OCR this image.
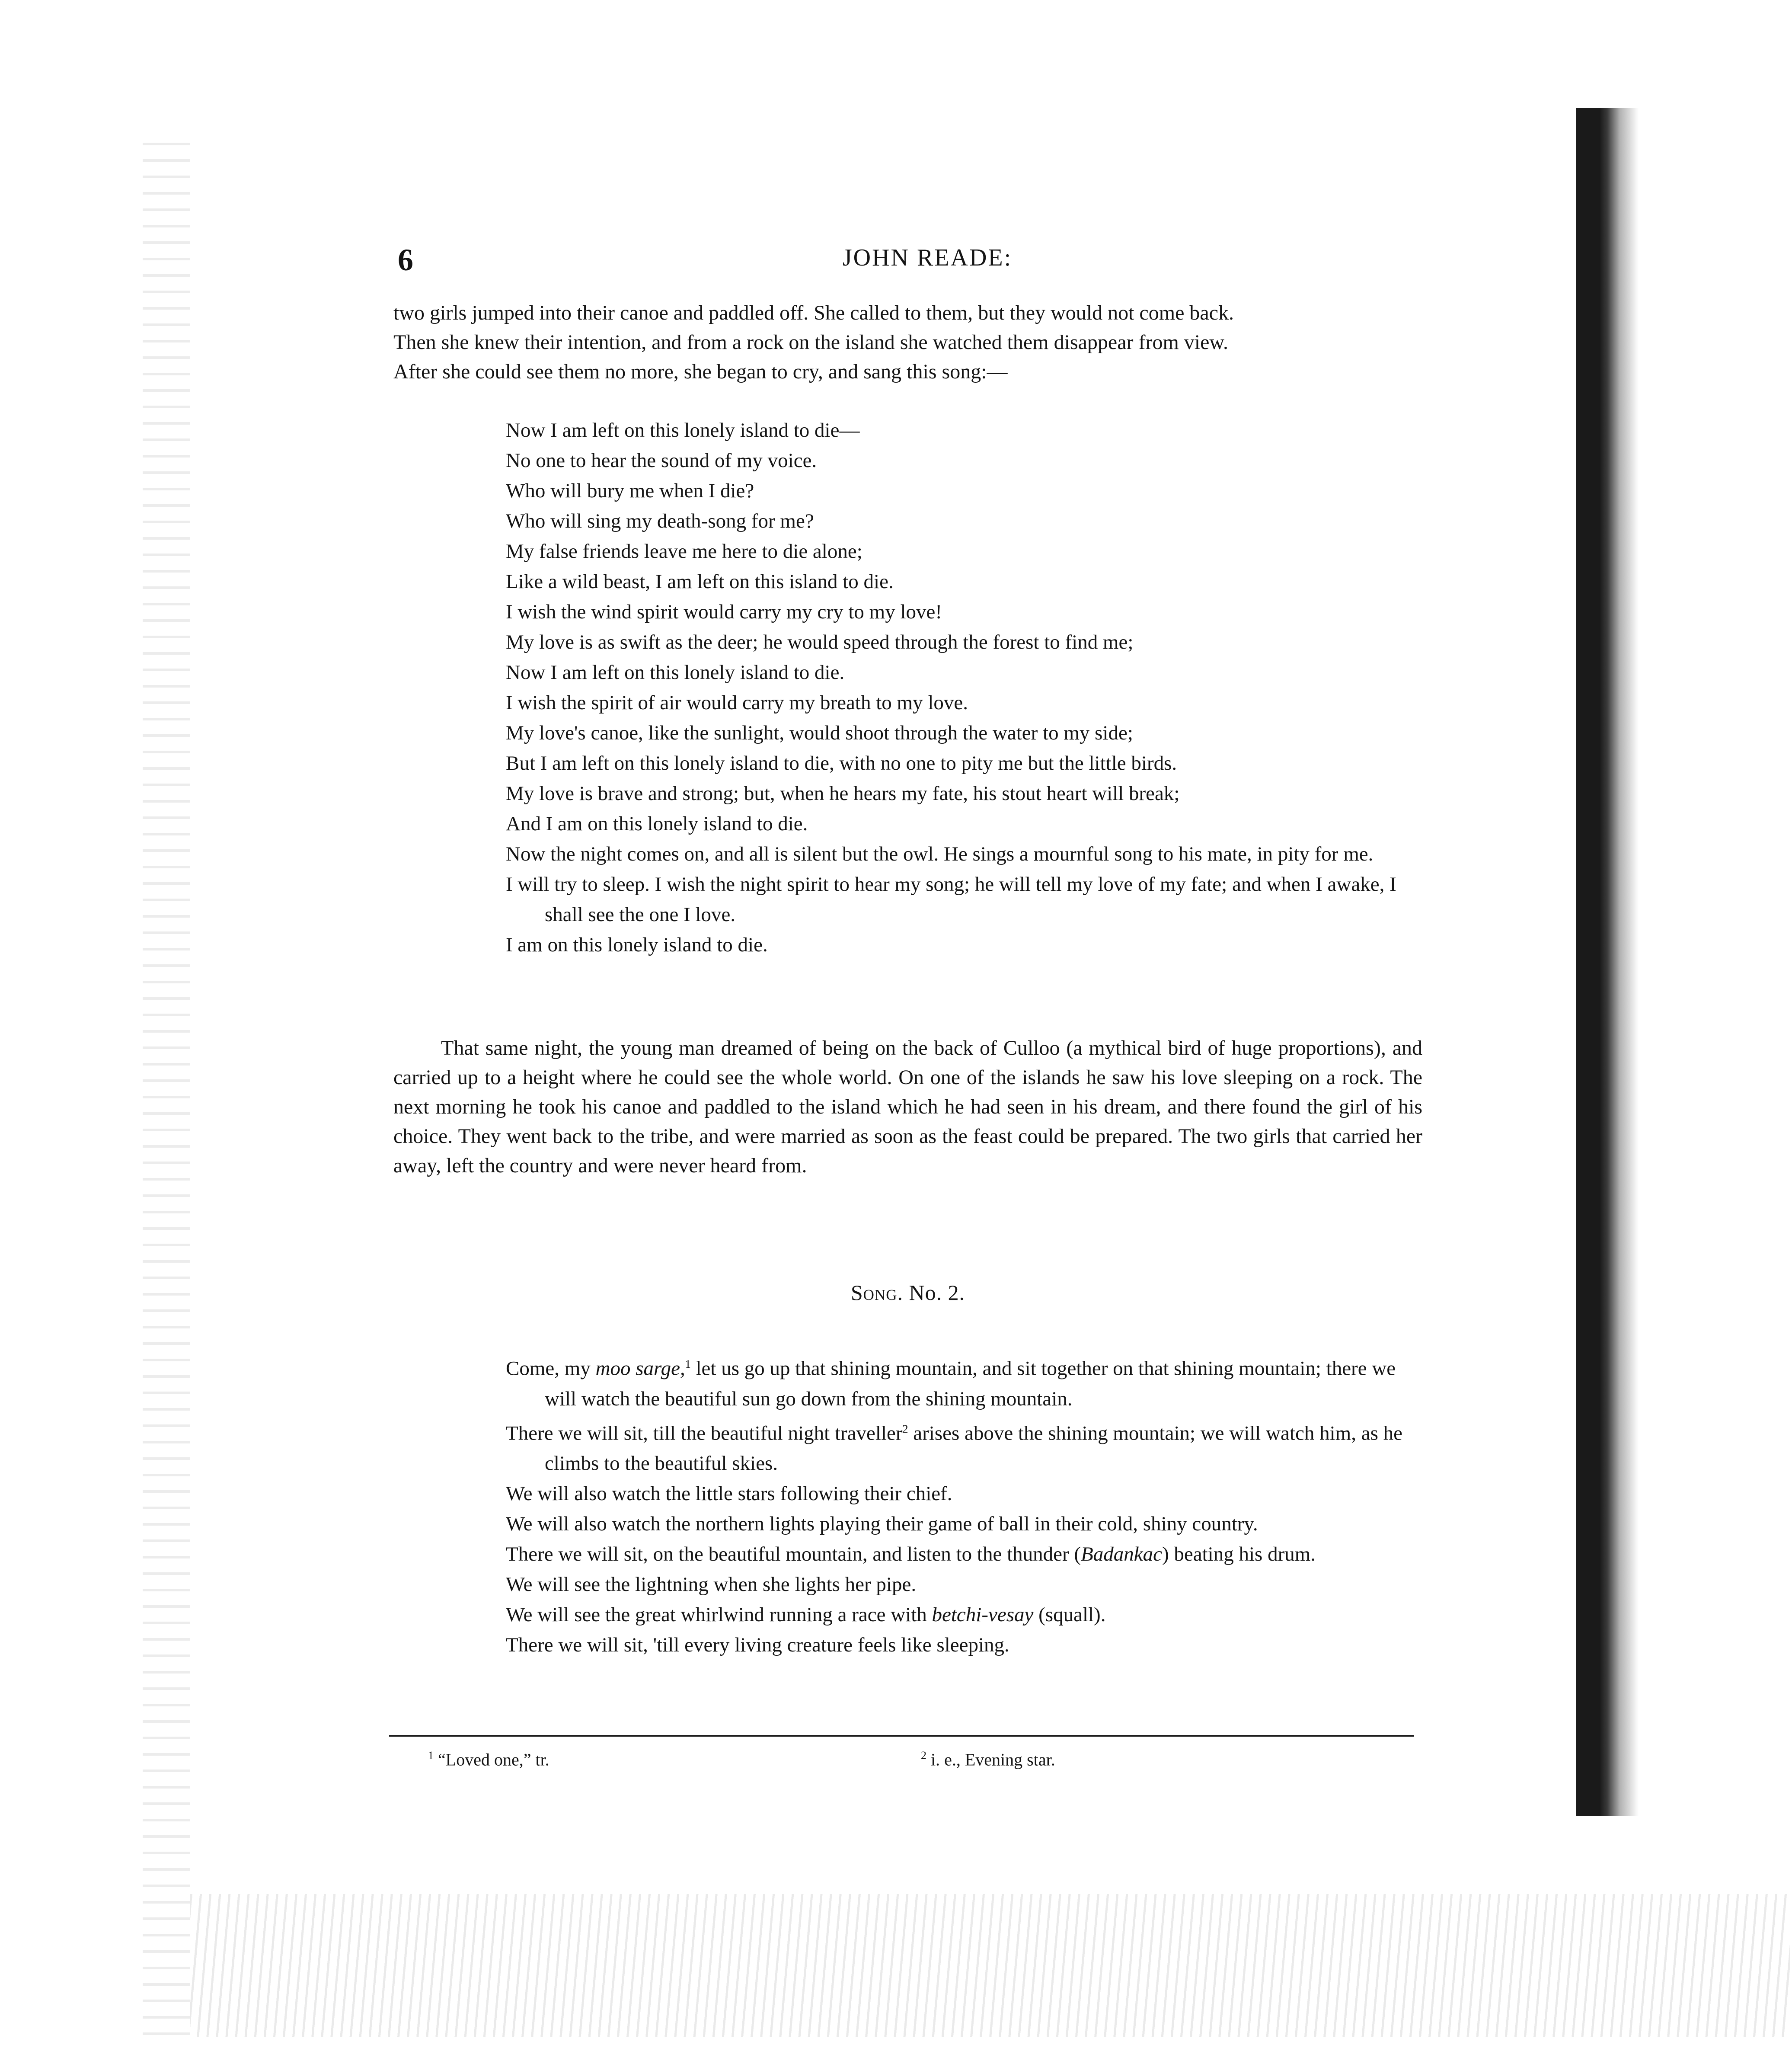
6	JOHN READE:
two girls jumped into their canoe and paddled off. She called to them, but they would not come back.
Then she knew their intention, and from a rock on the island she watched them disappear from view.
After she could see them no more, she began to cry, and sang this song:—
Now I am left on this lonely island to die—
No one to hear the sound of my voice.
Who will bury me when I die?
Who will sing my death-song for me?
My false friends leave me here to die alone;
Like a wild beast, I am left on this island to die.
I wish the wind spirit would carry my cry to my love!
My love is as swift as the deer; he would speed through the forest to find me;
Now I am left on this lonely island to die.
I wish the spirit of air would carry my breath to my love.
My love's canoe, like the sunlight, would shoot through the water to my side;
But I am left on this lonely island to die, with no one to pity me but the little birds.
My love is brave and strong; but, when he hears my fate, his stout heart will break;
And I am on this lonely island to die.
Now the night comes on, and all is silent but the owl. He sings a mournful song to his mate, in pity for me.
I will try to sleep. I wish the night spirit to hear my song; he will tell my love of my fate; and when I awake, I shall see the one I love.
I am on this lonely island to die.
That same night, the young man dreamed of being on the back of Culloo (a mythical bird of huge proportions), and carried up to a height where he could see the whole world. On one of the islands he saw his love sleeping on a rock. The next morning he took his canoe and paddled to the island which he had seen in his dream, and there found the girl of his choice. They went back to the tribe, and were married as soon as the feast could be prepared. The two girls that carried her away, left the country and were never heard from.
Song. No. 2.
Come, my moo sarge,$^1$ let us go up that shining mountain, and sit together on that shining mountain; there we will watch the beautiful sun go down from the shining mountain.
There we will sit, till the beautiful night traveller$^2$ arises above the shining mountain; we will watch him, as he climbs to the beautiful skies.
We will also watch the little stars following their chief.
We will also watch the northern lights playing their game of ball in their cold, shiny country.
There we will sit, on the beautiful mountain, and listen to the thunder (Badankac) beating his drum.
We will see the lightning when she lights her pipe.
We will see the great whirlwind running a race with betchi-vesay (squall).
There we will sit, 'till every living creature feels like sleeping.
$^1$ “Loved one,” tr.	$^2$ i. e., Evening star.
